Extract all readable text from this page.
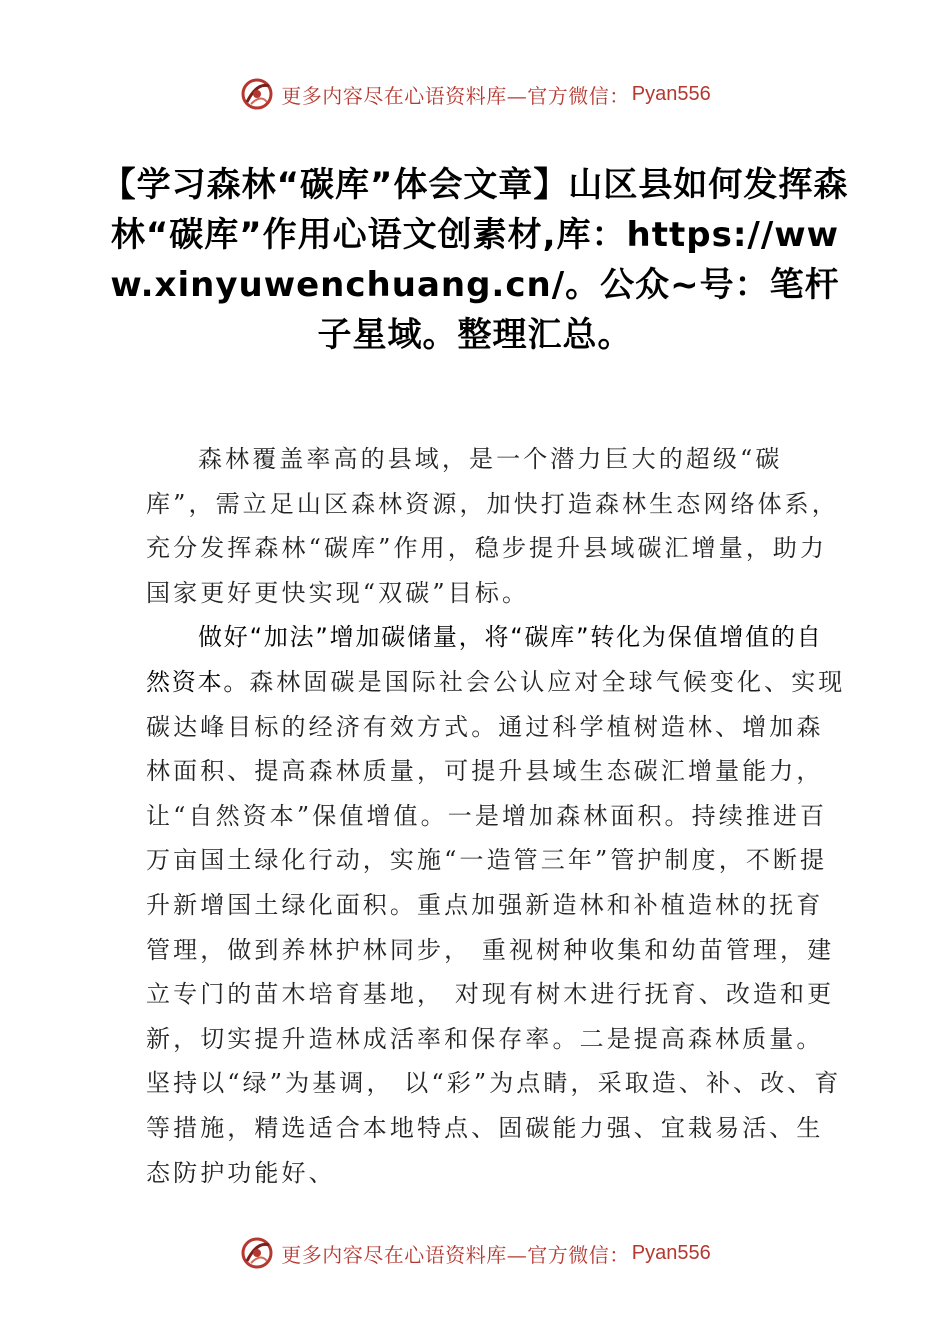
更多内容尽在心语资料库—官方微信： Pyan556
【学习森林“碳库”体会文章】山区县如何发挥森林“碳库”作用心语文创素材,库：https://www.xinyuwenchuang.cn/。公众~号：笔杆子星域。整理汇总。

森林覆盖率高的县域，是一个潜力巨大的超级“碳库”，需立足山区森林资源，加快打造森林生态网络体系，充分发挥森林“碳库”作用，稳步提升县域碳汇增量，助力国家更好更快实现“双碳”目标。

做好“加法”增加碳储量，将“碳库”转化为保值增值的自然资本。森林固碳是国际社会公认应对全球气候变化、实现碳达峰目标的经济有效方式。通过科学植树造林、增加森林面积、提高森林质量，可提升县域生态碳汇增量能力，让“自然资本”保值增值。一是增加森林面积。持续推进百万亩国土绿化行动，实施“一造管三年”管护制度，不断提升新增国土绿化面积。重点加强新造林和补植造林的抚育管理，做到养林护林同步， 重视树种收集和幼苗管理，建立专门的苗木培育基地， 对现有树木进行抚育、改造和更新，切实提升造林成活率和保存率。二是提高森林质量。坚持以“绿”为基调， 以“彩”为点睛，采取造、补、改、育等措施，精选适合本地特点、固碳能力强、宜栽易活、生态防护功能好、

更多内容尽在心语资料库—官方微信： Pyan556
